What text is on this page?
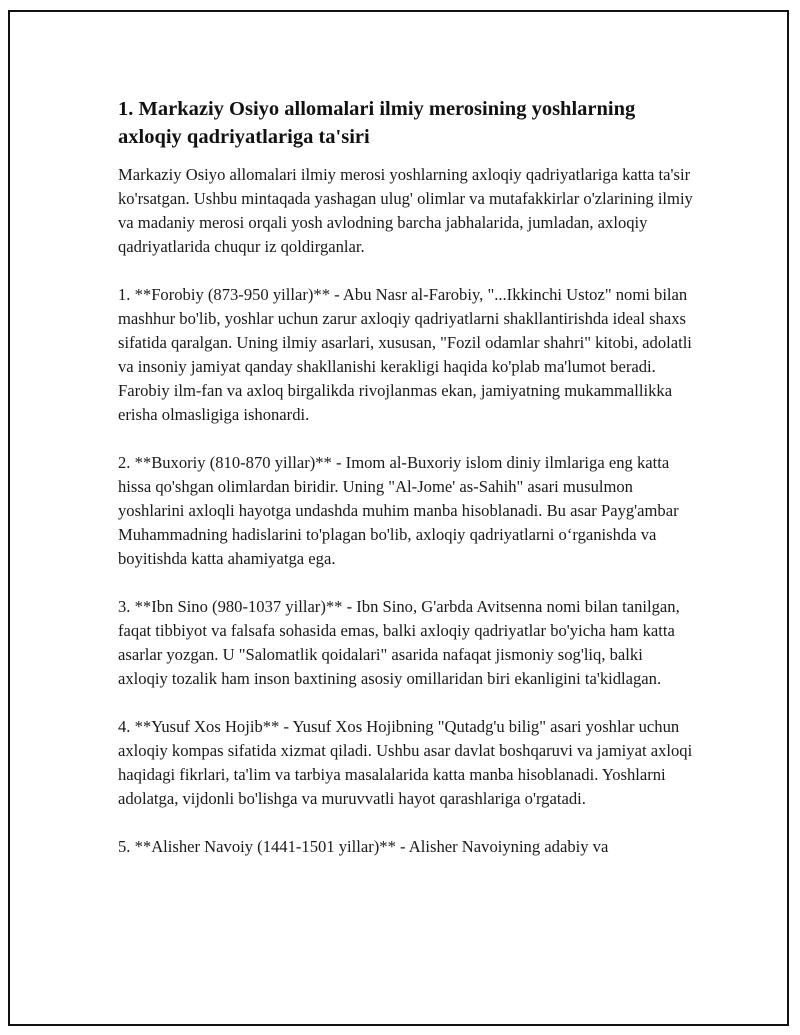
1. Markaziy Osiyo allomalari ilmiy merosining yoshlarning axloqiy qadriyatlariga ta'siri

Markaziy Osiyo allomalari ilmiy merosi yoshlarning axloqiy qadriyatlariga katta ta'sir ko'rsatgan. Ushbu mintaqada yashagan ulug' olimlar va mutafakkirlar o'zlarining ilmiy va madaniy merosi orqali yosh avlodning barcha jabhalarida, jumladan, axloqiy qadriyatlarida chuqur iz qoldirganlar.

1. **Forobiy (873-950 yillar)** - Abu Nasr al-Farobiy, "...Ikkinchi Ustoz" nomi bilan mashhur bo'lib, yoshlar uchun zarur axloqiy qadriyatlarni shakllantirishda ideal shaxs sifatida qaralgan. Uning ilmiy asarlari, xususan, "Fozil odamlar shahri" kitobi, adolatli va insoniy jamiyat qanday shakllanishi kerakligi haqida ko'plab ma'lumot beradi. Farobiy ilm-fan va axloq birgalikda rivojlanmas ekan, jamiyatning mukammallikka erisha olmasligiga ishonardi.

2. **Buxoriy (810-870 yillar)** - Imom al-Buxoriy islom diniy ilmlariga eng katta hissa qo'shgan olimlardan biridir. Uning "Al-Jome' as-Sahih" asari musulmon yoshlarini axloqli hayotga undashda muhim manba hisoblanadi. Bu asar Payg'ambar Muhammadning hadislarini to'plagan bo'lib, axloqiy qadriyatlarni o‘rganishda va boyitishda katta ahamiyatga ega.

3. **Ibn Sino (980-1037 yillar)** - Ibn Sino, G'arbda Avitsenna nomi bilan tanilgan, faqat tibbiyot va falsafa sohasida emas, balki axloqiy qadriyatlar bo'yicha ham katta asarlar yozgan. U "Salomatlik qoidalari" asarida nafaqat jismoniy sog'liq, balki axloqiy tozalik ham inson baxtining asosiy omillaridan biri ekanligini ta'kidlagan.

4. **Yusuf Xos Hojib** - Yusuf Xos Hojibning "Qutadg'u bilig" asari yoshlar uchun axloqiy kompas sifatida xizmat qiladi. Ushbu asar davlat boshqaruvi va jamiyat axloqi haqidagi fikrlari, ta'lim va tarbiya masalalarida katta manba hisoblanadi. Yoshlarni adolatga, vijdonli bo'lishga va muruvvatli hayot qarashlariga o'rgatadi.

5. **Alisher Navoiy (1441-1501 yillar)** - Alisher Navoiyning adabiy va
